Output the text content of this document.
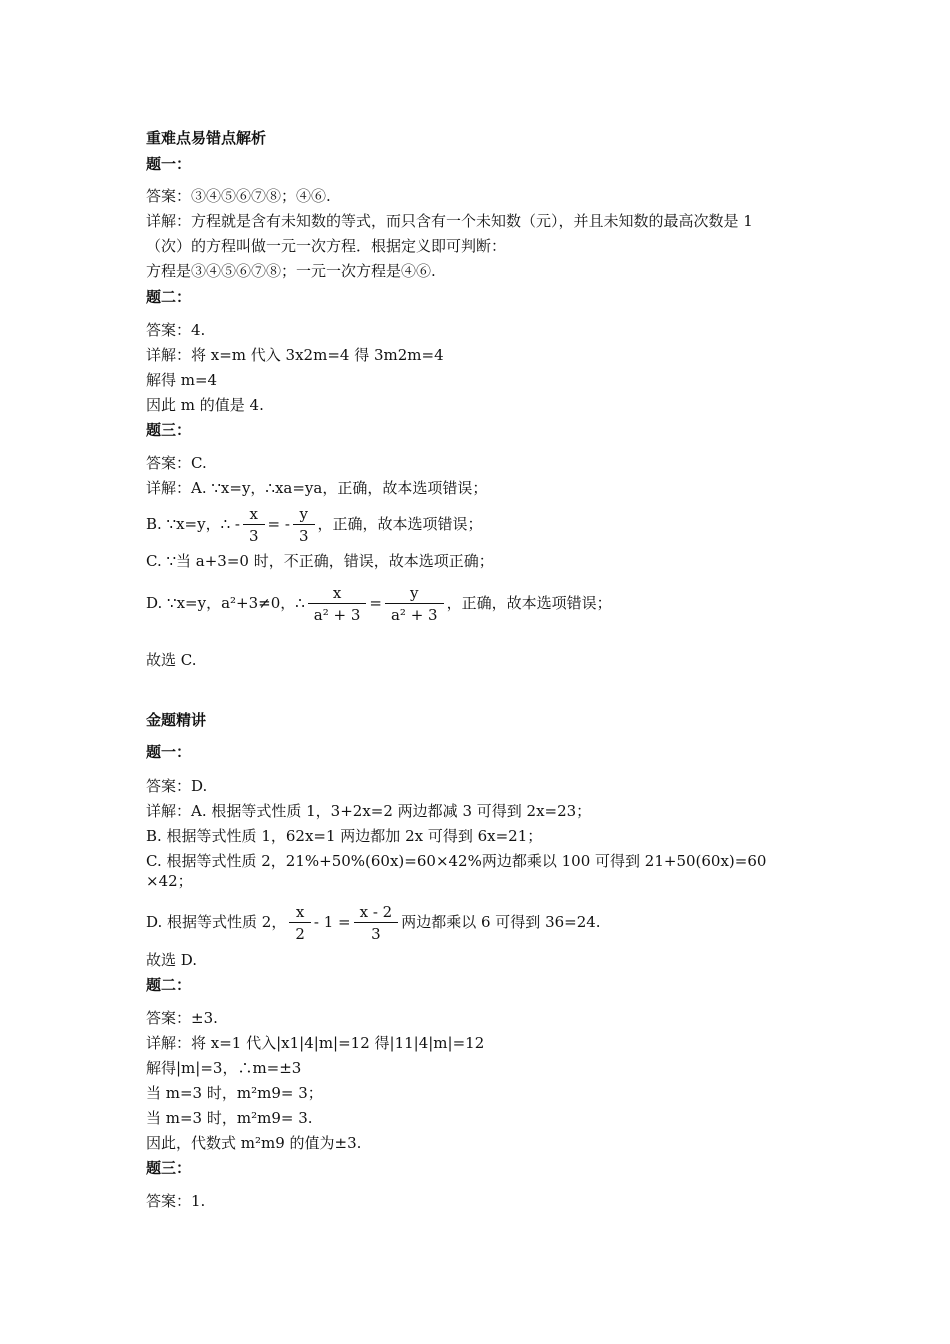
重难点易错点解析
题一：
答案：③④⑤⑥⑦⑧；④⑥.
详解：方程就是含有未知数的等式，而只含有一个未知数（元），并且未知数的最高次数是 1
（次）的方程叫做一元一次方程．根据定义即可判断：
方程是③④⑤⑥⑦⑧；一元一次方程是④⑥.
题二：
答案：4.
详解：将 x=m 代入 3x2m=4 得 3m2m=4
解得 m=4
因此 m 的值是 4.
题三：
答案：C.
详解：A. ∵x=y，∴xa=ya，正确，故本选项错误；
B. ∵x=y，∴ - $\frac{x}{3}$ = - $\frac{y}{3}$ ，正确，故本选项错误；
C. ∵当 a+3=0 时，不正确，错误，故本选项正确；
D. ∵x=y，a²+3≠0，∴ $\frac{x}{\text{a² + 3}} = \frac{y}{\text{a² + 3}}$ ，正确，故本选项错误；
故选 C.
金题精讲
题一：
答案：D.
详解：A. 根据等式性质 1，3+2x=2 两边都减 3 可得到 2x=23；
B. 根据等式性质 1，62x=1 两边都加 2x 可得到 6x=21；
C. 根据等式性质 2，21%+50%(60x)=60×42%两边都乘以 100 可得到 21+50(60x)=60
×42；
D. 根据等式性质 2， $\frac{x}{2} - 1 = \frac{x - 2}{3}$ 两边都乘以 6 可得到 36=24.
故选 D.
题二：
答案：±3.
详解：将 x=1 代入|x1|4|m|=12 得|11|4|m|=12
解得|m|=3，∴m=±3
当 m=3 时，m²m9= 3；
当 m=3 时，m²m9= 3.
因此，代数式 m²m9 的值为±3.
题三：
答案：1.
